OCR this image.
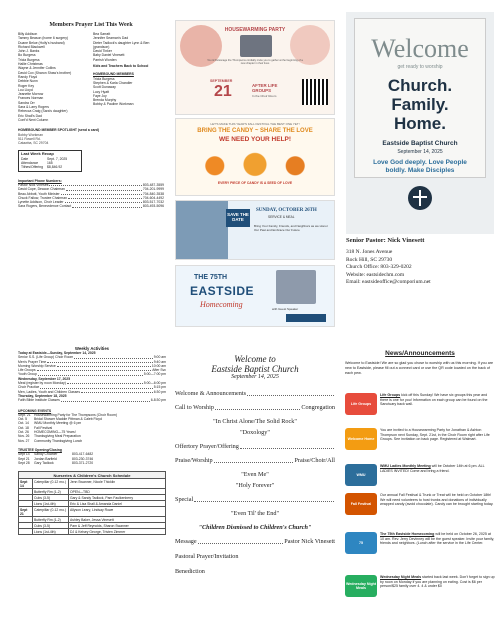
Members Prayer List This Week
Billy Addison
Tammy Beason (home 6 surgery)
Duane Belue (Holly's husband)
Richard Blackwell
John J. Banks
Bo Burgess
Tricia Burgess
Hallie Christmas
Wayne & Jennifer Collins
David Cox (Sharon Shaw's brother)
Randy Floyd
Debbie Nunn
Roger Key
Lou Lloyd
Jeanette Morrow
Frances Norman
Sandra Orr
Sara & Larry Rogers
Rebecca Craig (Sara's daughter)
Eric Shall's Dad
Conf'd Next Column
Bea Sarratt
Jennifer Seaman's Dad
Dieter Tadlock's daughter Lynn & Ben (grandson)
David Tinker
Baby Daniel Vinesett
Parrish Worden
Kids and Teachers Back to School
HOMEBOUND MEMBERS
Tricia Burgess
Stephen & Karla Chandler
Scott Dunaway
Lucy Hyatt
Faye Joy
Brenda Murphy
Bobby & Pauline Workman
HOMEBOUND MEMBER SPOTLIGHT (send a card)
Bobby Workman
511 Rowell Rd.
Catawba, SC 29704
Last Week Recap
Date	Sept. 7, 2025
Attendance	165
Tithes/Offering	$8,846.92
Important Phone Numbers:
Pastor Nick Vinesett	803-487-3559
David Cope, Deacon Chairman	704-201-9999
Beau Abbott, Youth Minister	704-840-3538
Chuck Fallow, Trustee Chairman	704-604-4492
Lynette Addison, Choir Leader	803-517-7032
Sara Rogers, Benevolence Contact	803-493-5096
HOUSEWARMING PARTY
You & Parsonage the Thompsons cordially invite you to gather at the beginning of a new chapter in their lives
SEPTEMBER
21	AFTER LIFE GROUPS
In the Choir Room
LET'S MAKE THIS YEAR'S FALL FESTIVAL THE BEST ONE YET!
BRING THE CANDY ~ SHARE THE LOVE
WE NEED YOUR HELP!
EVERY PIECE OF CANDY IS A SEED OF LOVE
SAVE THE DATE
SUNDAY, OCTOBER 26TH
SERVICE & MEAL
Bring Your Family, Friends, and Neighbors as we Honor Our Past and Embrace Our Future
THE 75TH
EASTSIDE
Homecoming	with Guest Speaker
Welcome
get ready to worship
Church.
Family.
Home.
Eastside Baptist Church
September 14, 2025
Love God deeply. Love People
boldly. Make Disciples
Senior Pastor: Nick Vinesett
318 N. Jones Avenue
Rock Hill, SC 29730
Church Office: 803-329-0202
Website: eastsidechm.com
Email: eastsideoffice@comporium.net
Weekly Activities
Today at Eastside—Sunday, September 14, 2025
Senior S.S. (Life Group) Choir Room	9:00 am
Men's Prayer Time	9:40 am
Morning Worship Service	10:00 am
Life Groups	After Svc
Youth Group	5:00—7:00 pm
Wednesday, September 17, 2025
Meal (register by noon Monday)	5:00—6:00 pm
Choir Practice	5:15 pm
Men, Ladies, Youth and Children Classes	6:30 pm
Thursday, September 18, 2025
Faith Bible Institute Classes	6-8:30 pm
UPCOMING EVENTS
Sept. 21 Housewarming Party for The Thompsons (Choir Room)
Oct. 5	Bridal Shower Maddie Pittman & Caleb Floyd
Oct. 14	WMU Monthly Meeting @ 6 pm
Oct. 18	Fall Festival
Oct. 26	HOMECOMING—75 Years!
Nov. 26	Thanksgiving Meal Preparation
Nov. 27	Community Thanksgiving Lunch
TRUSTEE Opening/Closing
Sept 14	Sandy Crowder	803-417-6482
Sept 21	Jordan Barfield	803-230-3746
Sept 28	Gary Tadlock	803-371-2720
Nurseries & Children's Church Schedule		
Sept 14	Caterpillar (0-12 mo.)	Jenn Swanner, Nicole Thicklin
	Butterfly Rm (1-2)	OPEN—TBD
	Cubs (3-5)	Gary & Sandy Tadlock, Pam Faulkenberry
	Lions (1st-4th)	Eric & Lisa Shall & Amanda Daniel
Sept 21	Caterpillar (0-12 mo.)	Allyson Leary, Lindsay Rowe
	Butterfly Rm (1-2)	Ashley Baker, Jessa Vinesett
	Cubs (3-5)	Pam & Jeff Reynolds, Sharon Swanner
	Lions (1st-4th)	DJ & Kelsey George, Tristen Zimmer
Welcome to
Eastside Baptist Church
September 14, 2025
Welcome & Announcements
Call to Worship	Congregation
"In Christ Alone/The Solid Rock"
"Doxology"
Offertory Prayer/Offering
Praise/Worship	Praise/Choir/All
"Even Me"
"Holy Forever"
Special
"Even Til' the End"
"Children Dismissed to Children's Church"
Message	Pastor Nick Vinesett
Pastoral Prayer/Invitation
Benediction
News/Announcements
Welcome to Eastside! We are so glad you chose to worship with us this morning. If you are new to Eastside, please fill out a connect card or use the QR code located on the back of each pew.
Life Groups
Life Groups kick off this Sunday! We have six groups this year and there is one for you! Information on each group can be found on the Sanctuary back wall.
Welcome Home
You are invited to a Housewarming Party for Jonathan & Ashton Thompson next Sunday, Sept. 21st, in the Choir Room right after Life Groups. See invitation on back page. Registered at Walmart.
WMU
WMU Ladies Monthly Meeting will be October 14th at 6 pm. ALL LADIES INVITED! Come and bring a friend.
Fall Festival
Our annual Fall Festival & Trunk or Treat will be held on October 18th! We will need volunteers to host trunks and donations of individually wrapped candy (avoid chocolate). Candy can be brought starting today.
75
The 75th Eastside Homecoming will be held on October 26, 2025 at 10 am. Rev. Jerry Devinney will be the guest speaker. Invite your family, friends and neighbors. (Lunch after the service in the Life Center.
Wednesday Night Meals
Wednesday Night Meals started back last week. Don't forget to sign up by noon on Monday if you are planning on eating. Cost is $6 per person/$25 family over 4. 4 & under $0
